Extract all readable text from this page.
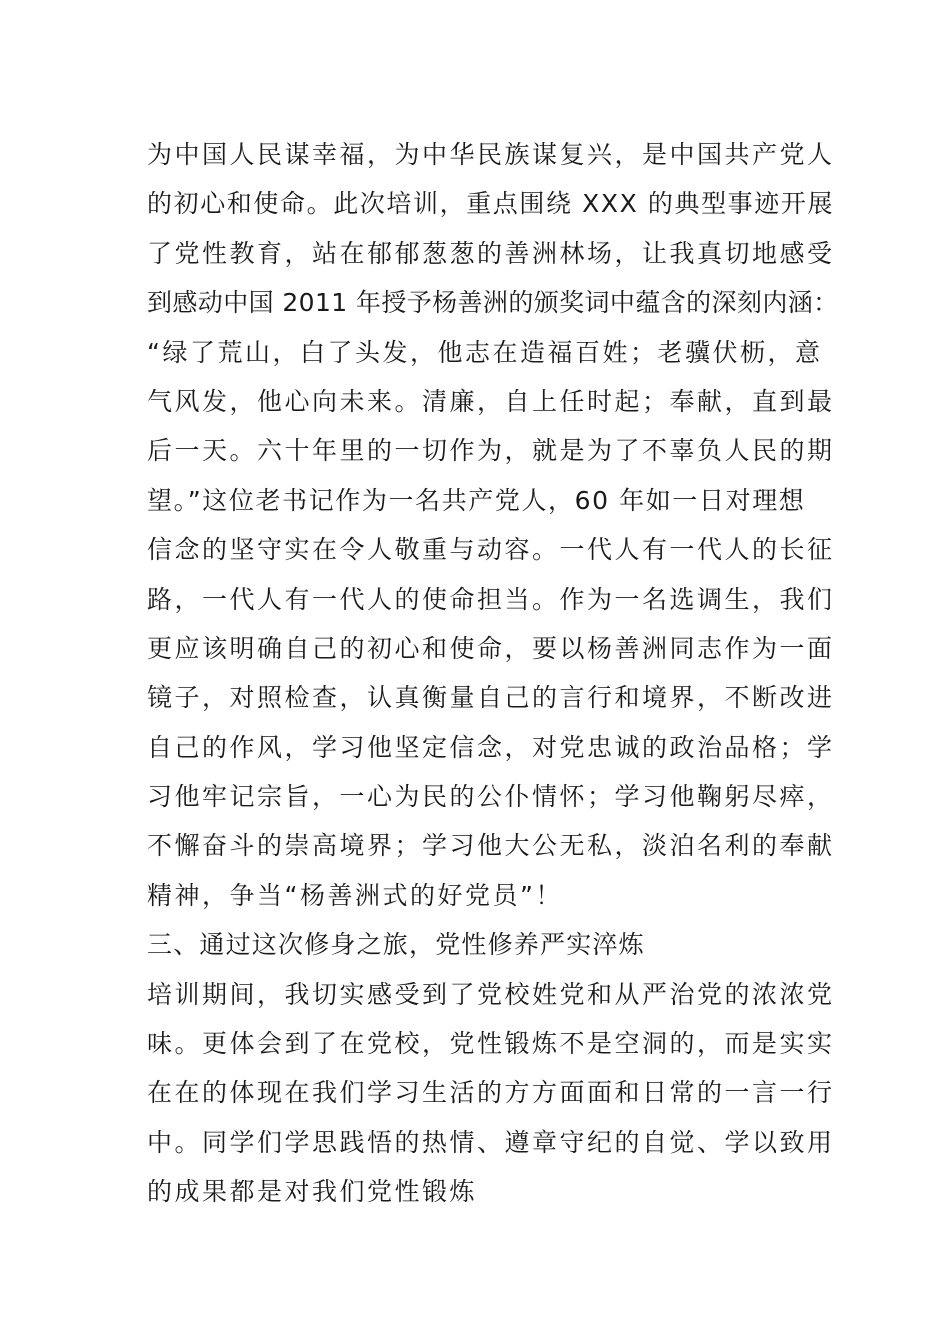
为中国人民谋幸福，为中华民族谋复兴，是中国共产党人
的初心和使命。此次培训，重点围绕 XXX 的典型事迹开展
了党性教育，站在郁郁葱葱的善洲林场，让我真切地感受
到感动中国 2011 年授予杨善洲的颁奖词中蕴含的深刻内涵：
“绿了荒山，白了头发，他志在造福百姓；老骥伏枥，意
气风发，他心向未来。清廉，自上任时起；奉献，直到最
后一天。六十年里的一切作为，就是为了不辜负人民的期
望。”这位老书记作为一名共产党人，60 年如一日对理想
信念的坚守实在令人敬重与动容。一代人有一代人的长征
路，一代人有一代人的使命担当。作为一名选调生，我们
更应该明确自己的初心和使命，要以杨善洲同志作为一面
镜子，对照检查，认真衡量自己的言行和境界，不断改进
自己的作风，学习他坚定信念，对党忠诚的政治品格；学
习他牢记宗旨，一心为民的公仆情怀；学习他鞠躬尽瘁，
不懈奋斗的崇高境界；学习他大公无私，淡泊名利的奉献
精神，争当“杨善洲式的好党员”！
三、通过这次修身之旅，党性修养严实淬炼
培训期间，我切实感受到了党校姓党和从严治党的浓浓党
味。更体会到了在党校，党性锻炼不是空洞的，而是实实
在在的体现在我们学习生活的方方面面和日常的一言一行
中。同学们学思践悟的热情、遵章守纪的自觉、学以致用
的成果都是对我们党性锻炼
